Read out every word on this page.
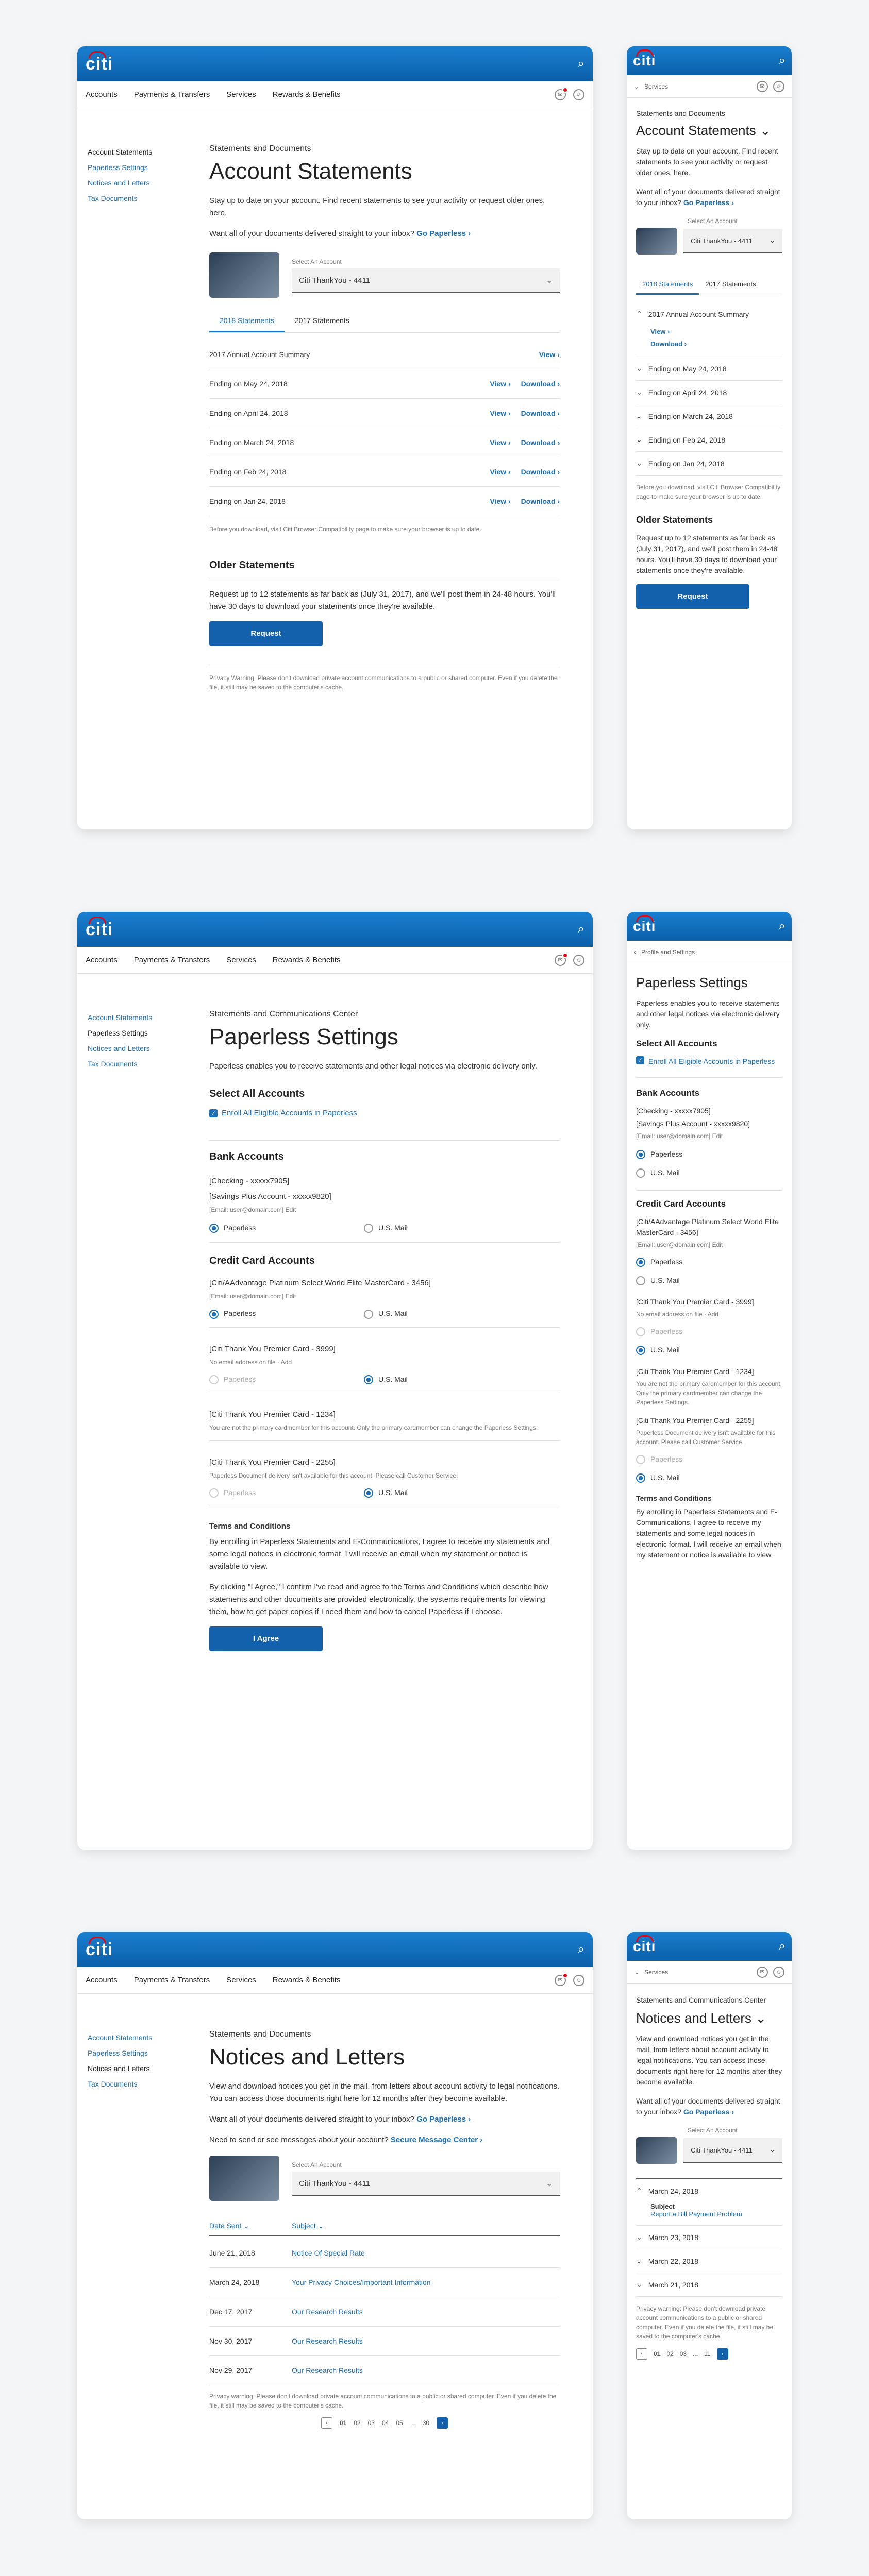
citi	⌕
Accounts Payments & Transfers Services Rewards & Benefits	✉	☺
Account Statements
Paperless Settings
Notices and Letters
Tax Documents
Statements and Documents
Account Statements
Stay up to date on your account. Find recent statements to see your activity or request older ones, here.
Want all of your documents delivered straight to your inbox? Go Paperless ›
Select An Account
Citi ThankYou - 4411	⌄
2018 Statements	2017 Statements
2017 Annual Account Summary	View ›
Ending on May 24, 2018	View › Download ›
Ending on April 24, 2018	View › Download ›
Ending on March 24, 2018	View › Download ›
Ending on Feb 24, 2018	View › Download ›
Ending on Jan 24, 2018	View › Download ›
Before you download, visit Citi Browser Compatibility page to make sure your browser is up to date.
Older Statements
Request up to 12 statements as far back as (July 31, 2017), and we'll post them in 24-48 hours. You'll have 30 days to download your statements once they're available.
Request
Privacy Warning: Please don't download private account communications to a public or shared computer. Even if you delete the file, it still may be saved to the computer's cache.
citi	⌕
⌄ Services	✉	☺
Statements and Documents
Account Statements ⌄
Stay up to date on your account. Find recent statements to see your activity or request older ones, here.
Want all of your documents delivered straight to your inbox? Go Paperless ›
Select An Account
Citi ThankYou - 4411	⌄
2018 Statements	2017 Statements
⌃ 2017 Annual Account Summary
View ›
Download ›
⌄ Ending on May 24, 2018
⌄ Ending on April 24, 2018
⌄ Ending on March 24, 2018
⌄ Ending on Feb 24, 2018
⌄ Ending on Jan 24, 2018
Before you download, visit Citi Browser Compatibility page to make sure your browser is up to date.
Older Statements
Request up to 12 statements as far back as (July 31, 2017), and we'll post them in 24-48 hours. You'll have 30 days to download your statements once they're available.
Request
citi	⌕
Accounts Payments & Transfers Services Rewards & Benefits	✉	☺
Account Statements
Paperless Settings
Notices and Letters
Tax Documents
Statements and Communications Center
Paperless Settings
Paperless enables you to receive statements and other legal notices via electronic delivery only.
Select All Accounts
✓ Enroll All Eligible Accounts in Paperless
Bank Accounts
[Checking - xxxxx7905]
[Savings Plus Account - xxxxx9820]
[Email: user@domain.com] Edit
Paperless	U.S. Mail
Credit Card Accounts
[Citi/AAdvantage Platinum Select World Elite MasterCard - 3456]
[Email: user@domain.com] Edit
Paperless	U.S. Mail
[Citi Thank You Premier Card - 3999]
No email address on file · Add
Paperless	U.S. Mail
[Citi Thank You Premier Card - 1234]
You are not the primary cardmember for this account. Only the primary cardmember can change the Paperless Settings.
[Citi Thank You Premier Card - 2255]
Paperless Document delivery isn't available for this account. Please call Customer Service.
Paperless	U.S. Mail
Terms and Conditions
By enrolling in Paperless Statements and E-Communications, I agree to receive my statements and some legal notices in electronic format. I will receive an email when my statement or notice is available to view.
By clicking "I Agree," I confirm I've read and agree to the Terms and Conditions which describe how statements and other documents are provided electronically, the systems requirements for viewing them, how to get paper copies if I need them and how to cancel Paperless if I choose.
I Agree
citi	⌕
‹ Profile and Settings
Paperless Settings
Paperless enables you to receive statements and other legal notices via electronic delivery only.
Select All Accounts
✓ Enroll All Eligible Accounts in Paperless
Bank Accounts
[Checking - xxxxx7905]
[Savings Plus Account - xxxxx9820]
[Email: user@domain.com] Edit
Paperless
U.S. Mail
Credit Card Accounts
[Citi/AAdvantage Platinum Select World Elite MasterCard - 3456]
[Email: user@domain.com] Edit
Paperless
U.S. Mail
[Citi Thank You Premier Card - 3999]
No email address on file · Add
Paperless
U.S. Mail
[Citi Thank You Premier Card - 1234]
You are not the primary cardmember for this account. Only the primary cardmember can change the Paperless Settings.
[Citi Thank You Premier Card - 2255]
Paperless Document delivery isn't available for this account. Please call Customer Service.
Paperless
U.S. Mail
Terms and Conditions
By enrolling in Paperless Statements and E-Communications, I agree to receive my statements and some legal notices in electronic format. I will receive an email when my statement or notice is available to view.
citi	⌕
Accounts Payments & Transfers Services Rewards & Benefits	✉	☺
Account Statements
Paperless Settings
Notices and Letters
Tax Documents
Statements and Documents
Notices and Letters
View and download notices you get in the mail, from letters about account activity to legal notifications. You can access those documents right here for 12 months after they become available.
Want all of your documents delivered straight to your inbox? Go Paperless ›
Need to send or see messages about your account? Secure Message Center ›
Select An Account
Citi ThankYou - 4411	⌄
Date Sent ⌄	Subject ⌄
June 21, 2018	Notice Of Special Rate
March 24, 2018	Your Privacy Choices/Important Information
Dec 17, 2017	Our Research Results
Nov 30, 2017	Our Research Results
Nov 29, 2017	Our Research Results
Privacy warning: Please don't download private account communications to a public or shared computer. Even if you delete the file, it still may be saved to the computer's cache.
‹	01 02 03 04 05 ... 30	›
citi	⌕
⌄ Services	✉	☺
Statements and Communications Center
Notices and Letters ⌄
View and download notices you get in the mail, from letters about account activity to legal notifications. You can access those documents right here for 12 months after they become available.
Want all of your documents delivered straight to your inbox? Go Paperless ›
Select An Account
Citi ThankYou - 4411	⌄
⌃ March 24, 2018
Subject
Report a Bill Payment Problem
⌄ March 23, 2018
⌄ March 22, 2018
⌄ March 21, 2018
Privacy warning: Please don't download private account communications to a public or shared computer. Even if you delete the file, it still may be saved to the computer's cache.
‹	01 02 03 ... 11	›
